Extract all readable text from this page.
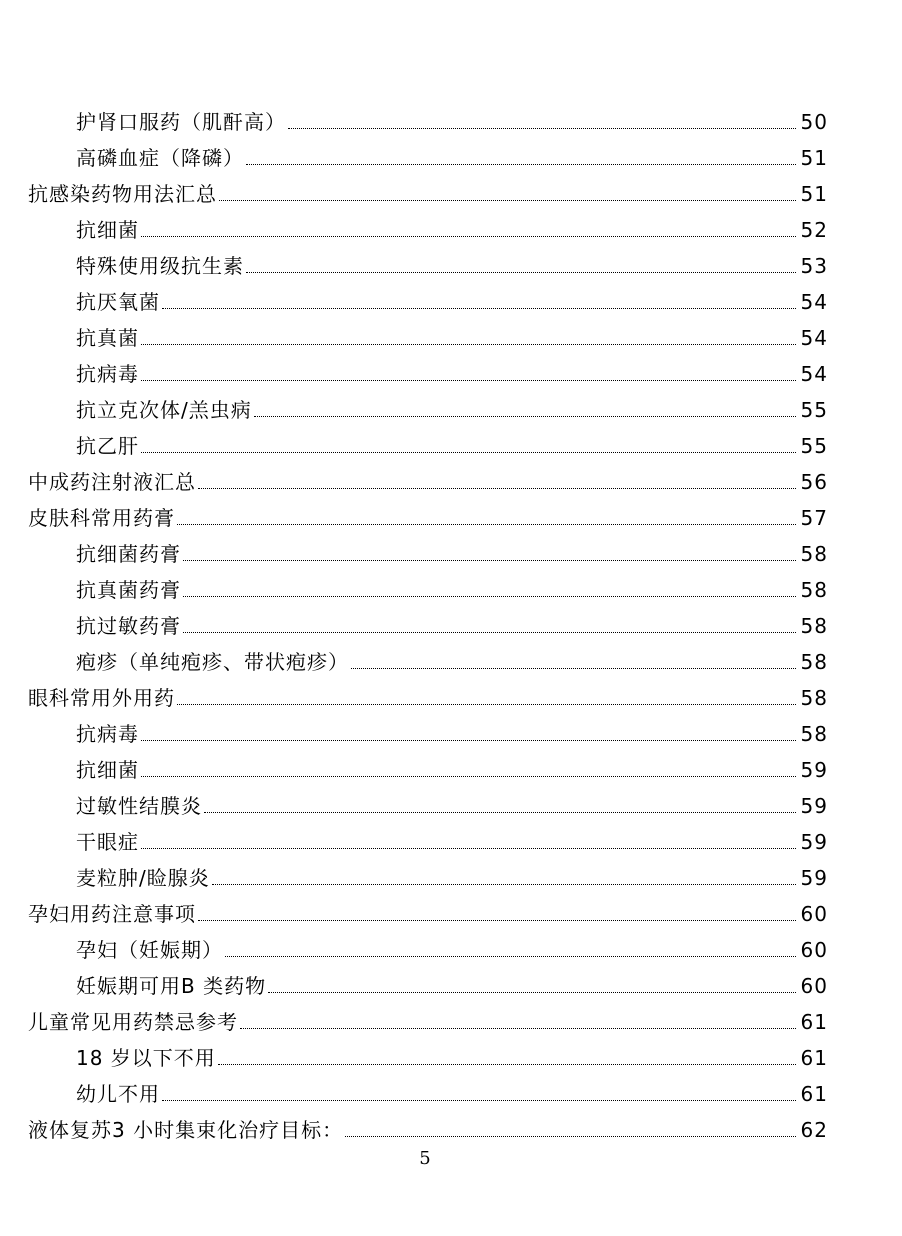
护肾口服药（肌酐高）	50
高磷血症（降磷）	51
抗感染药物用法汇总	51
抗细菌	52
特殊使用级抗生素	53
抗厌氧菌	54
抗真菌	54
抗病毒	54
抗立克次体/羔虫病	55
抗乙肝	55
中成药注射液汇总	56
皮肤科常用药膏	57
抗细菌药膏	58
抗真菌药膏	58
抗过敏药膏	58
疱疹（单纯疱疹、带状疱疹）	58
眼科常用外用药	58
抗病毒	58
抗细菌	59
过敏性结膜炎	59
干眼症	59
麦粒肿/睑腺炎	59
孕妇用药注意事项	60
孕妇（妊娠期）	60
妊娠期可用B 类药物	60
儿童常见用药禁忌参考	61
18 岁以下不用	61
幼儿不用	61
液体复苏3 小时集束化治疗目标：	62
5
